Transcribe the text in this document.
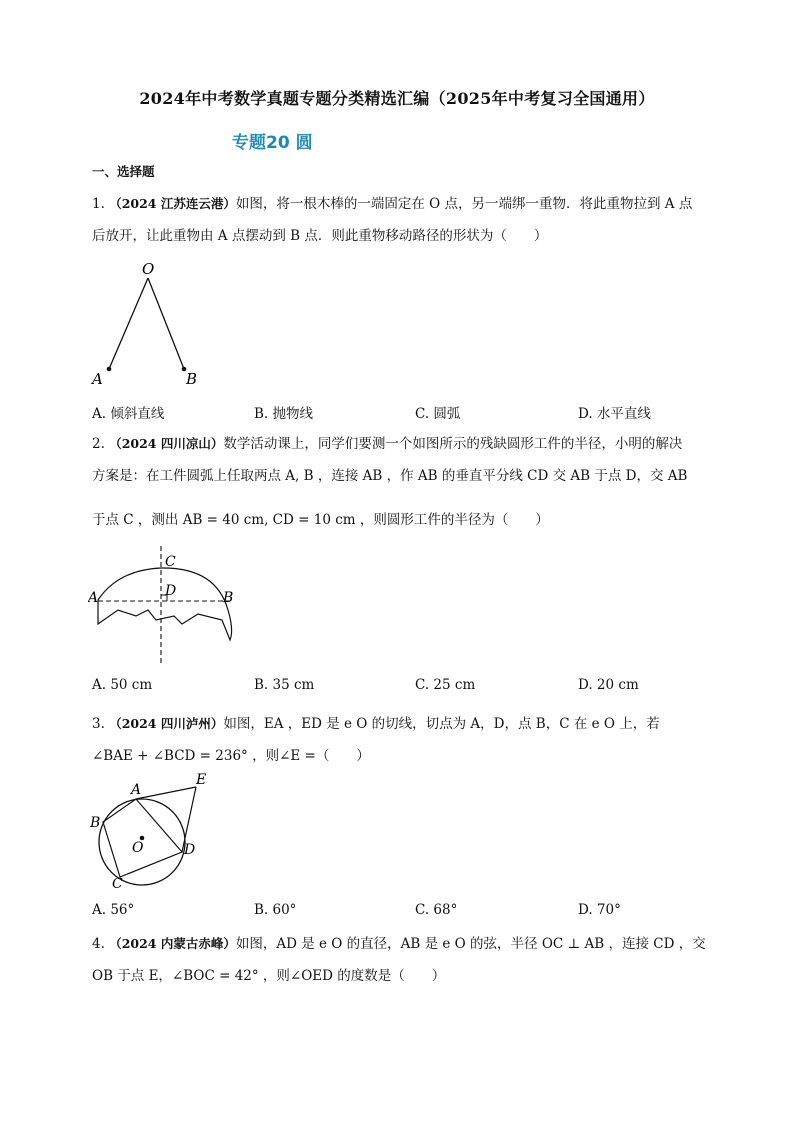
2024年中考数学真题专题分类精选汇编（2025年中考复习全国通用）
专题20 圆
一、选择题
1. （2024 江苏连云港）如图，将一根木棒的一端固定在 O 点，另一端绑一重物．将此重物拉到 A 点
后放开，让此重物由 A 点摆动到 B 点．则此重物移动路径的形状为（　　）
O
A	B
A. 倾斜直线	B. 抛物线	C. 圆弧	D. 水平直线
2. （2024 四川凉山）数学活动课上，同学们要测一个如图所示的残缺圆形工件的半径，小明的解决
方案是：在工件圆弧上任取两点 A, B ，连接 AB ，作 AB 的垂直平分线 CD 交 AB 于点 D，交 AB
于点 C ，测出 AB = 40 cm, CD = 10 cm ，则圆形工件的半径为（　　）
A	B
C
D
A. 50 cm	B. 35 cm	C. 25 cm	D. 20 cm
3. （2024 四川泸州）如图，EA ，ED 是 e O 的切线，切点为 A，D，点 B，C 在 e O 上，若
∠BAE + ∠BCD = 236° ，则∠E =（　　）
A
B
C
D
E
O
A. 56°	B. 60°	C. 68°	D. 70°
4. （2024 内蒙古赤峰）如图，AD 是 e O 的直径，AB 是 e O 的弦，半径 OC ⊥ AB ，连接 CD ，交
OB 于点 E，∠BOC = 42° ，则∠OED 的度数是（　　）
